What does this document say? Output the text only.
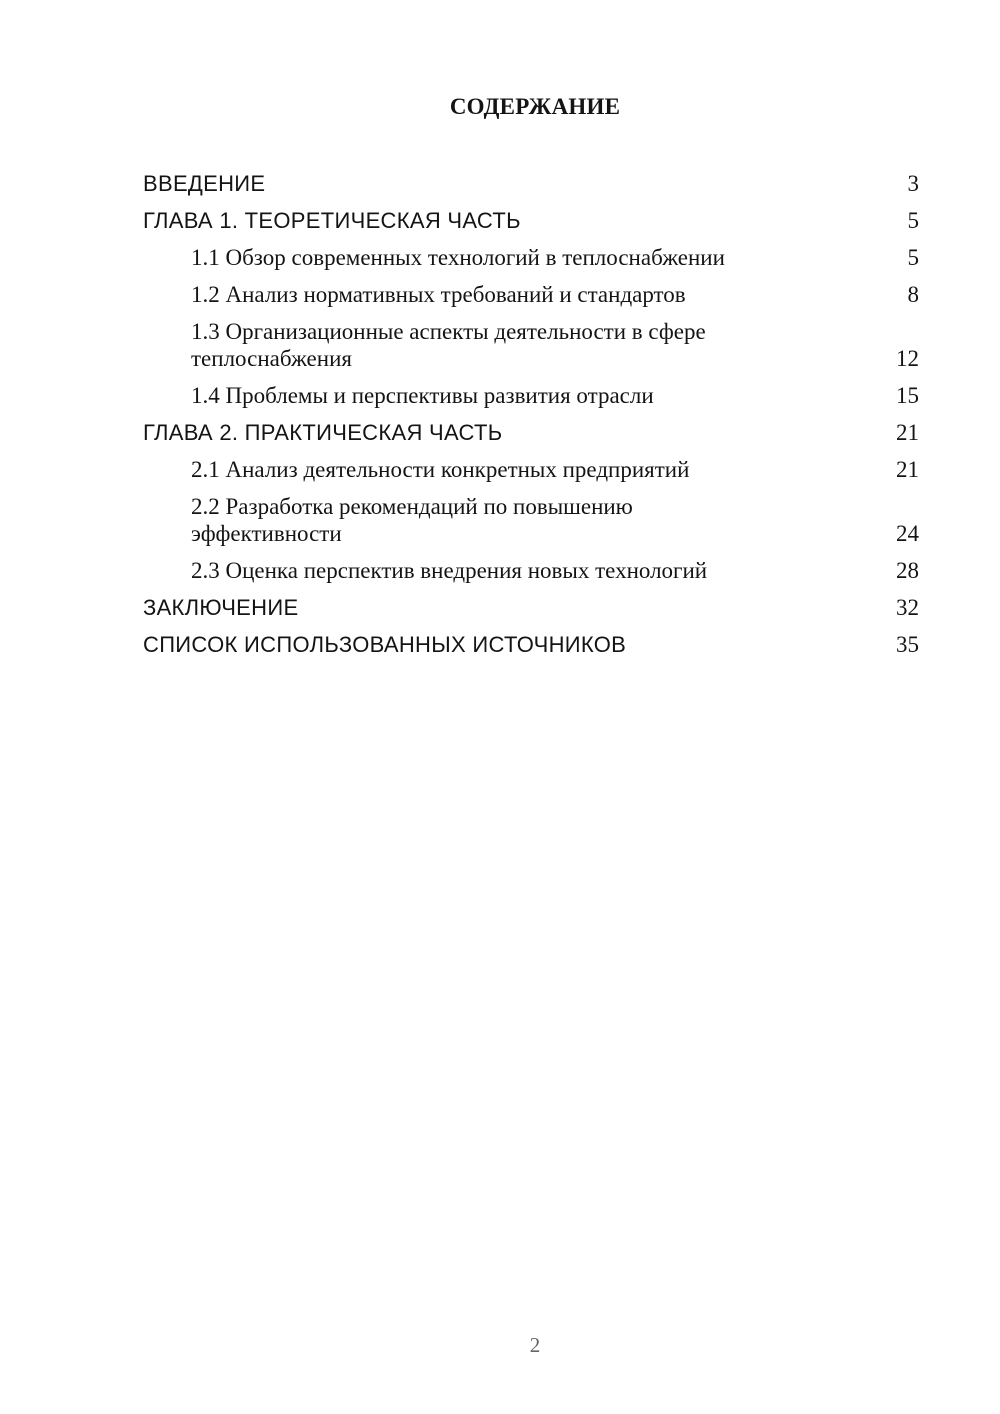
СОДЕРЖАНИЕ
ВВЕДЕНИЕ	3
ГЛАВА 1. ТЕОРЕТИЧЕСКАЯ ЧАСТЬ	5
1.1 Обзор современных технологий в теплоснабжении	5
1.2 Анализ нормативных требований и стандартов	8
1.3 Организационные аспекты деятельности в сфере теплоснабжения	12
1.4 Проблемы и перспективы развития отрасли	15
ГЛАВА 2. ПРАКТИЧЕСКАЯ ЧАСТЬ	21
2.1 Анализ деятельности конкретных предприятий	21
2.2 Разработка рекомендаций по повышению эффективности	24
2.3 Оценка перспектив внедрения новых технологий	28
ЗАКЛЮЧЕНИЕ	32
СПИСОК ИСПОЛЬЗОВАННЫХ ИСТОЧНИКОВ	35
2
